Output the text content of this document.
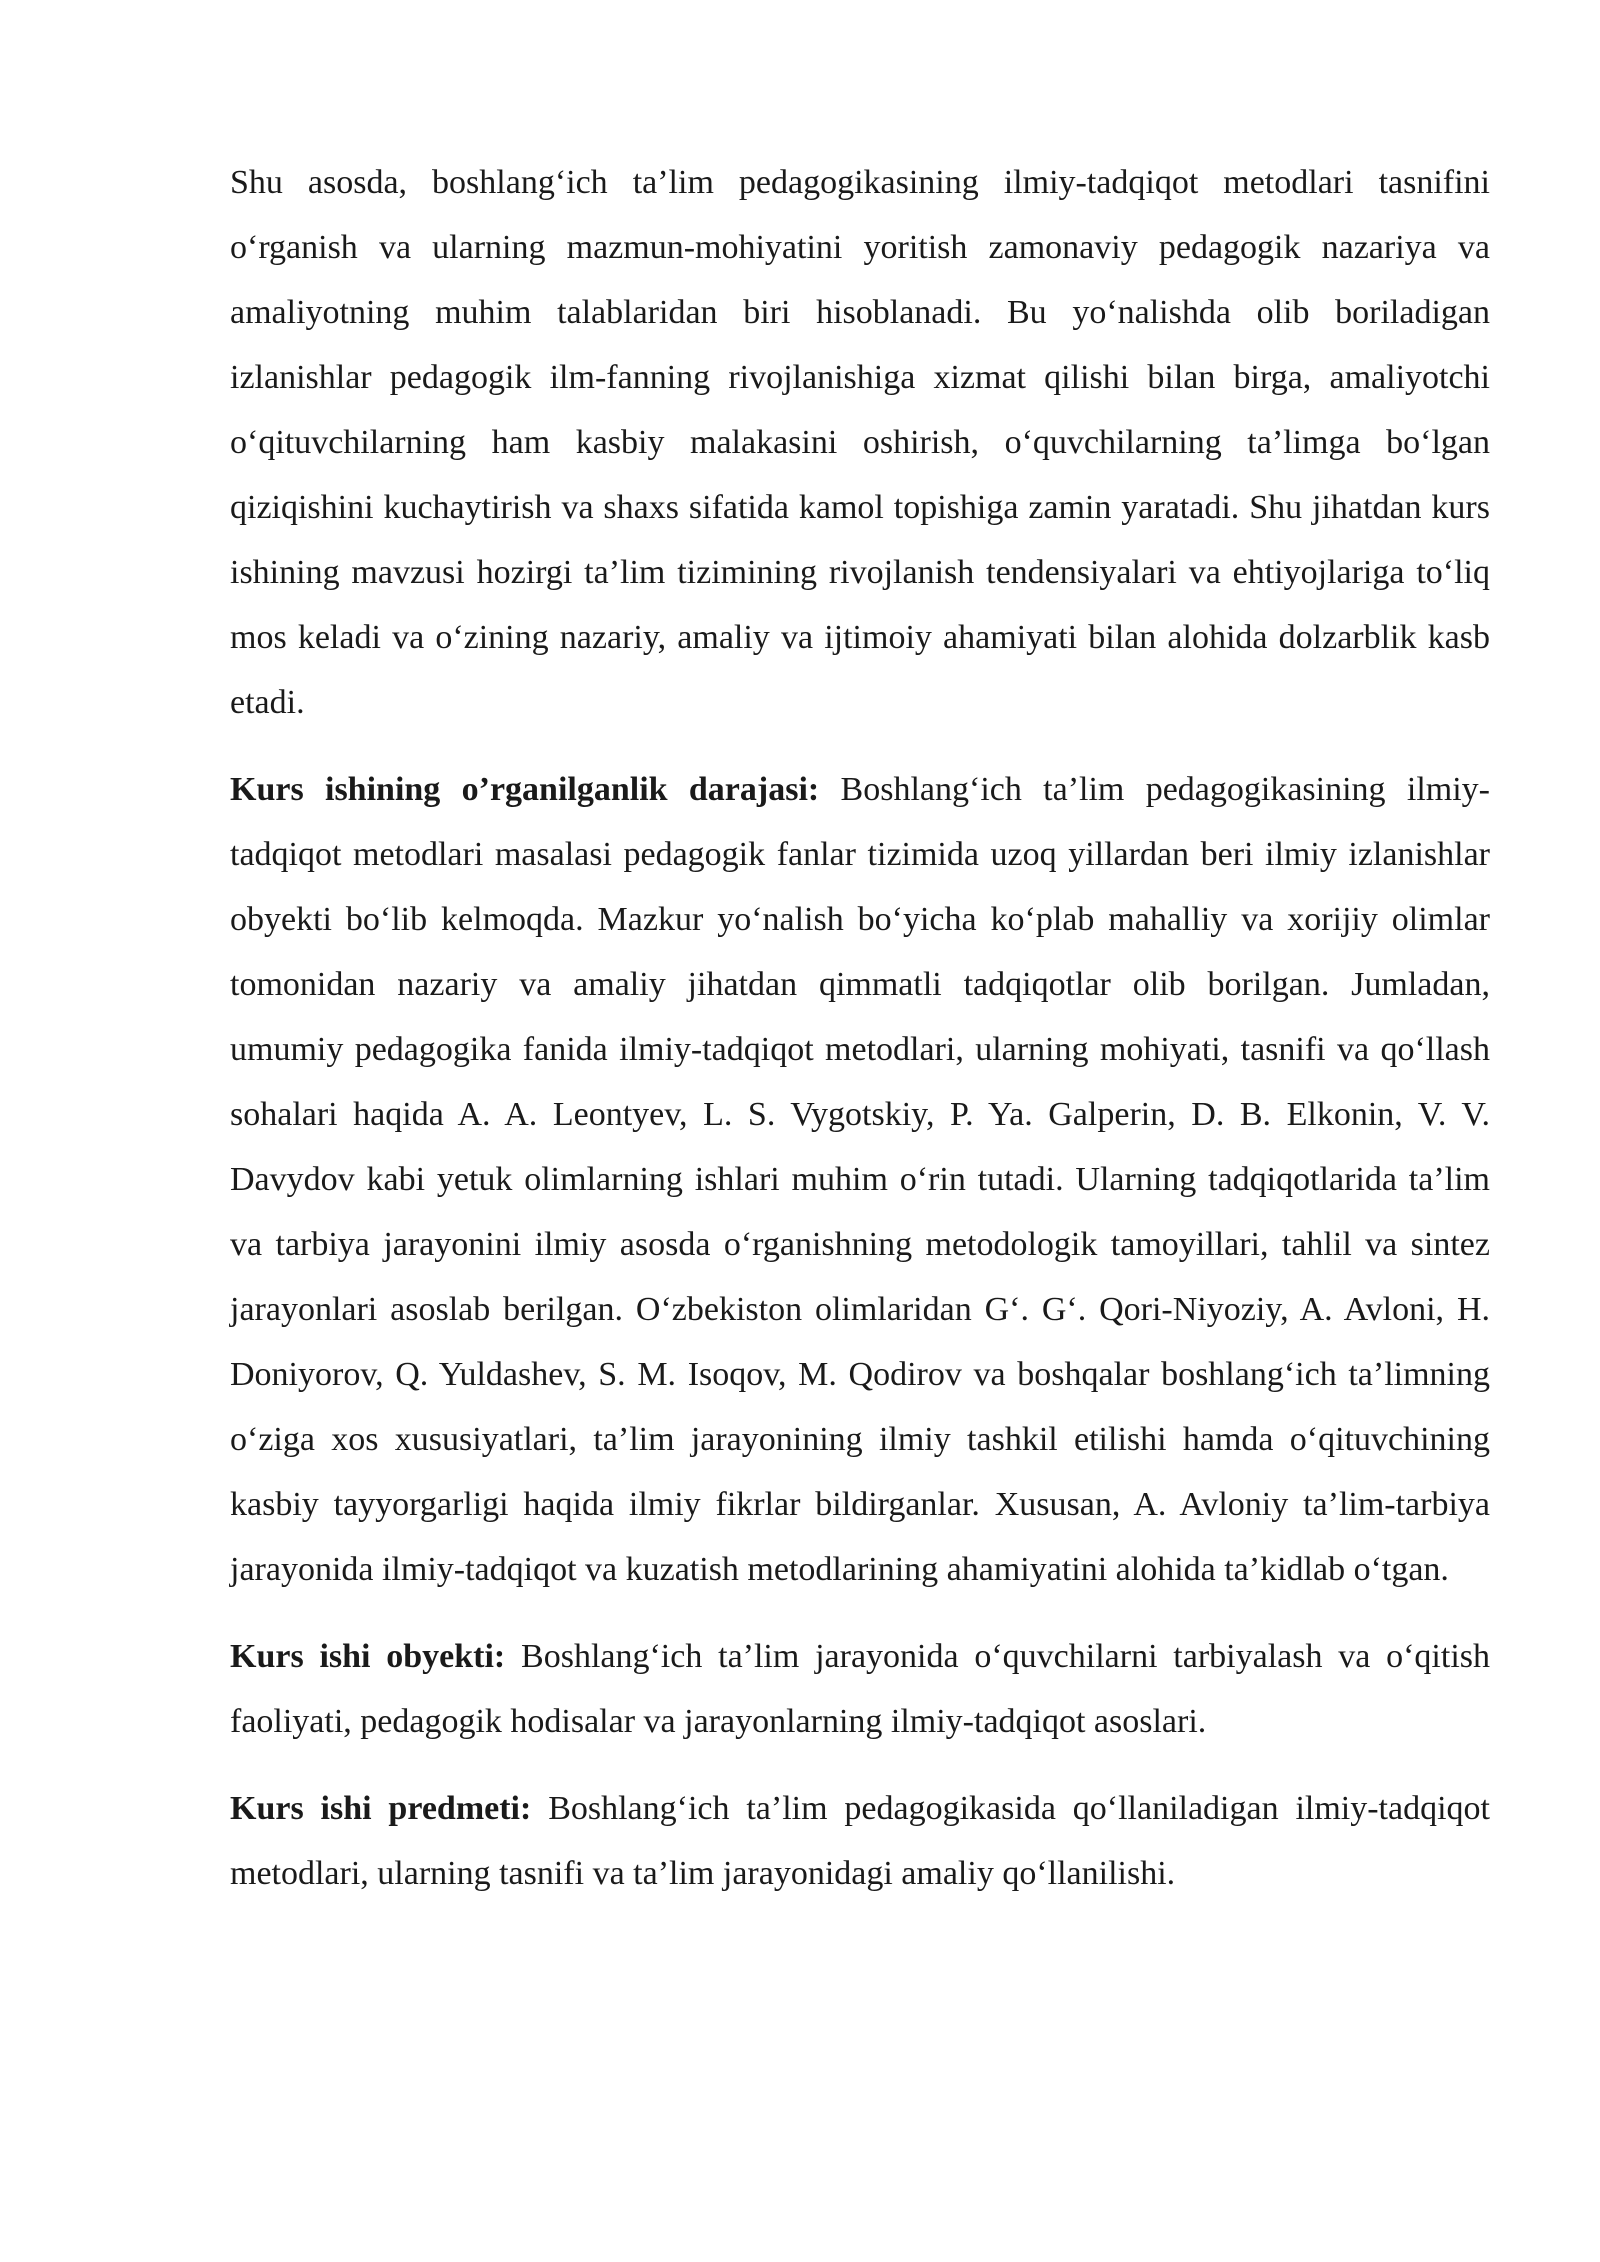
Shu asosda, boshlang‘ich ta’lim pedagogikasining ilmiy-tadqiqot metodlari tasnifini o‘rganish va ularning mazmun-mohiyatini yoritish zamonaviy pedagogik nazariya va amaliyotning muhim talablaridan biri hisoblanadi. Bu yo‘nalishda olib boriladigan izlanishlar pedagogik ilm-fanning rivojlanishiga xizmat qilishi bilan birga, amaliyotchi o‘qituvchilarning ham kasbiy malakasini oshirish, o‘quvchilarning ta’limga bo‘lgan qiziqishini kuchaytirish va shaxs sifatida kamol topishiga zamin yaratadi. Shu jihatdan kurs ishining mavzusi hozirgi ta’lim tizimining rivojlanish tendensiyalari va ehtiyojlariga to‘liq mos keladi va o‘zining nazariy, amaliy va ijtimoiy ahamiyati bilan alohida dolzarblik kasb etadi.

Kurs ishining o’rganilganlik darajasi: Boshlang‘ich ta’lim pedagogikasining ilmiy-tadqiqot metodlari masalasi pedagogik fanlar tizimida uzoq yillardan beri ilmiy izlanishlar obyekti bo‘lib kelmoqda. Mazkur yo‘nalish bo‘yicha ko‘plab mahalliy va xorijiy olimlar tomonidan nazariy va amaliy jihatdan qimmatli tadqiqotlar olib borilgan. Jumladan, umumiy pedagogika fanida ilmiy-tadqiqot metodlari, ularning mohiyati, tasnifi va qo‘llash sohalari haqida A. A. Leontyev, L. S. Vygotskiy, P. Ya. Galperin, D. B. Elkonin, V. V. Davydov kabi yetuk olimlarning ishlari muhim o‘rin tutadi. Ularning tadqiqotlarida ta’lim va tarbiya jarayonini ilmiy asosda o‘rganishning metodologik tamoyillari, tahlil va sintez jarayonlari asoslab berilgan. O‘zbekiston olimlaridan G‘. G‘. Qori-Niyoziy, A. Avloni, H. Doniyorov, Q. Yuldashev, S. M. Isoqov, M. Qodirov va boshqalar boshlang‘ich ta’limning o‘ziga xos xususiyatlari, ta’lim jarayonining ilmiy tashkil etilishi hamda o‘qituvchining kasbiy tayyorgarligi haqida ilmiy fikrlar bildirganlar. Xususan, A. Avloniy ta’lim-tarbiya jarayonida ilmiy-tadqiqot va kuzatish metodlarining ahamiyatini alohida ta’kidlab o‘tgan.

Kurs ishi obyekti: Boshlang‘ich ta’lim jarayonida o‘quvchilarni tarbiyalash va o‘qitish faoliyati, pedagogik hodisalar va jarayonlarning ilmiy-tadqiqot asoslari.

Kurs ishi predmeti: Boshlang‘ich ta’lim pedagogikasida qo‘llaniladigan ilmiy-tadqiqot metodlari, ularning tasnifi va ta’lim jarayonidagi amaliy qo‘llanilishi.
